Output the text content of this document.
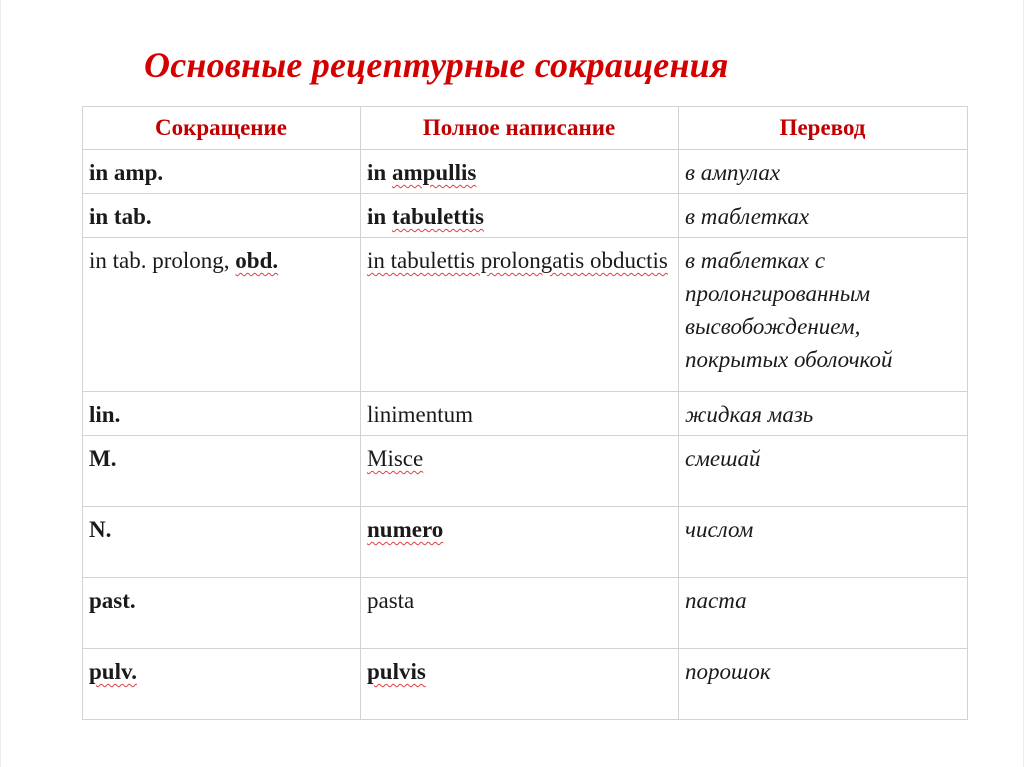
Основные рецептурные сокращения
Сокращение	Полное написание	Перевод
in amp.	in ampullis	в ампулах
in tab.	in tabulettis	в таблетках
in tab. prolong, obd.	in tabulettis prolongatis obductis	в таблетках с пролонгированным высвобождением, покрытых оболочкой
lin.	linimentum	жидкая мазь
M.	Misce	смешай
N.	numero	числом
past.	pasta	паста
pulv.	pulvis	порошок
